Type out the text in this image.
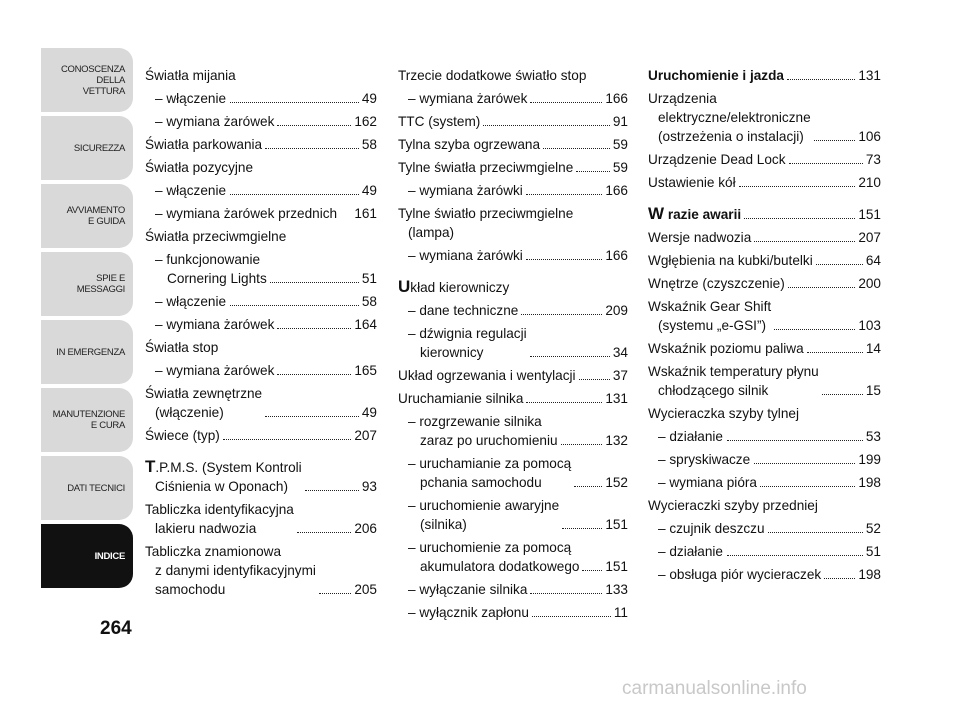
CONOSCENZA
DELLA
VETTURA
SICUREZZA
AVVIAMENTO
E GUIDA
SPIE E
MESSAGGI
IN EMERGENZA
MANUTENZIONE
E CURA
DATI TECNICI
INDICE
264
Światła mijania
– włączenie	49
– wymiana żarówek	162
Światła parkowania	58
Światła pozycyjne
– włączenie	49
– wymiana żarówek przednich 161
Światła przeciwmgielne
– funkcjonowanie
Cornering Lights	51
– włączenie	58
– wymiana żarówek	164
Światła stop
– wymiana żarówek	165
Światła zewnętrzne
(włączenie)	49
Świece (typ)	207
T.P.M.S. (System Kontroli
Ciśnienia w Oponach)	93
Tabliczka identyfikacyjna
lakieru nadwozia	206
Tabliczka znamionowa
z danymi identyfikacyjnymi
samochodu	205
Trzecie dodatkowe światło stop
– wymiana żarówek	166
TTC (system)	91
Tylna szyba ogrzewana	59
Tylne światła przeciwmgielne	59
– wymiana żarówki	166
Tylne światło przeciwmgielne
(lampa)
– wymiana żarówki	166
Układ kierowniczy
– dane techniczne	209
– dźwignia regulacji
kierownicy	34
Układ ogrzewania i wentylacji	37
Uruchamianie silnika	131
– rozgrzewanie silnika
zaraz po uruchomieniu	132
– uruchamianie za pomocą
pchania samochodu	152
– uruchomienie awaryjne
(silnika)	151
– uruchomienie za pomocą
akumulatora dodatkowego 151
– wyłączanie silnika	133
– wyłącznik zapłonu	11
Uruchomienie i jazda	131
Urządzenia
elektryczne/elektroniczne
(ostrzeżenia o instalacji)	106
Urządzenie Dead Lock	73
Ustawienie kół	210
W razie awarii	151
Wersje nadwozia	207
Wgłębienia na kubki/butelki	64
Wnętrze (czyszczenie)	200
Wskaźnik Gear Shift
(systemu „e-GSI”)	103
Wskaźnik poziomu paliwa	14
Wskaźnik temperatury płynu
chłodzącego silnik	15
Wycieraczka szyby tylnej
– działanie	53
– spryskiwacze	199
– wymiana pióra	198
Wycieraczki szyby przedniej
– czujnik deszczu	52
– działanie	51
– obsługa piór wycieraczek	198
carmanualsonline.info
